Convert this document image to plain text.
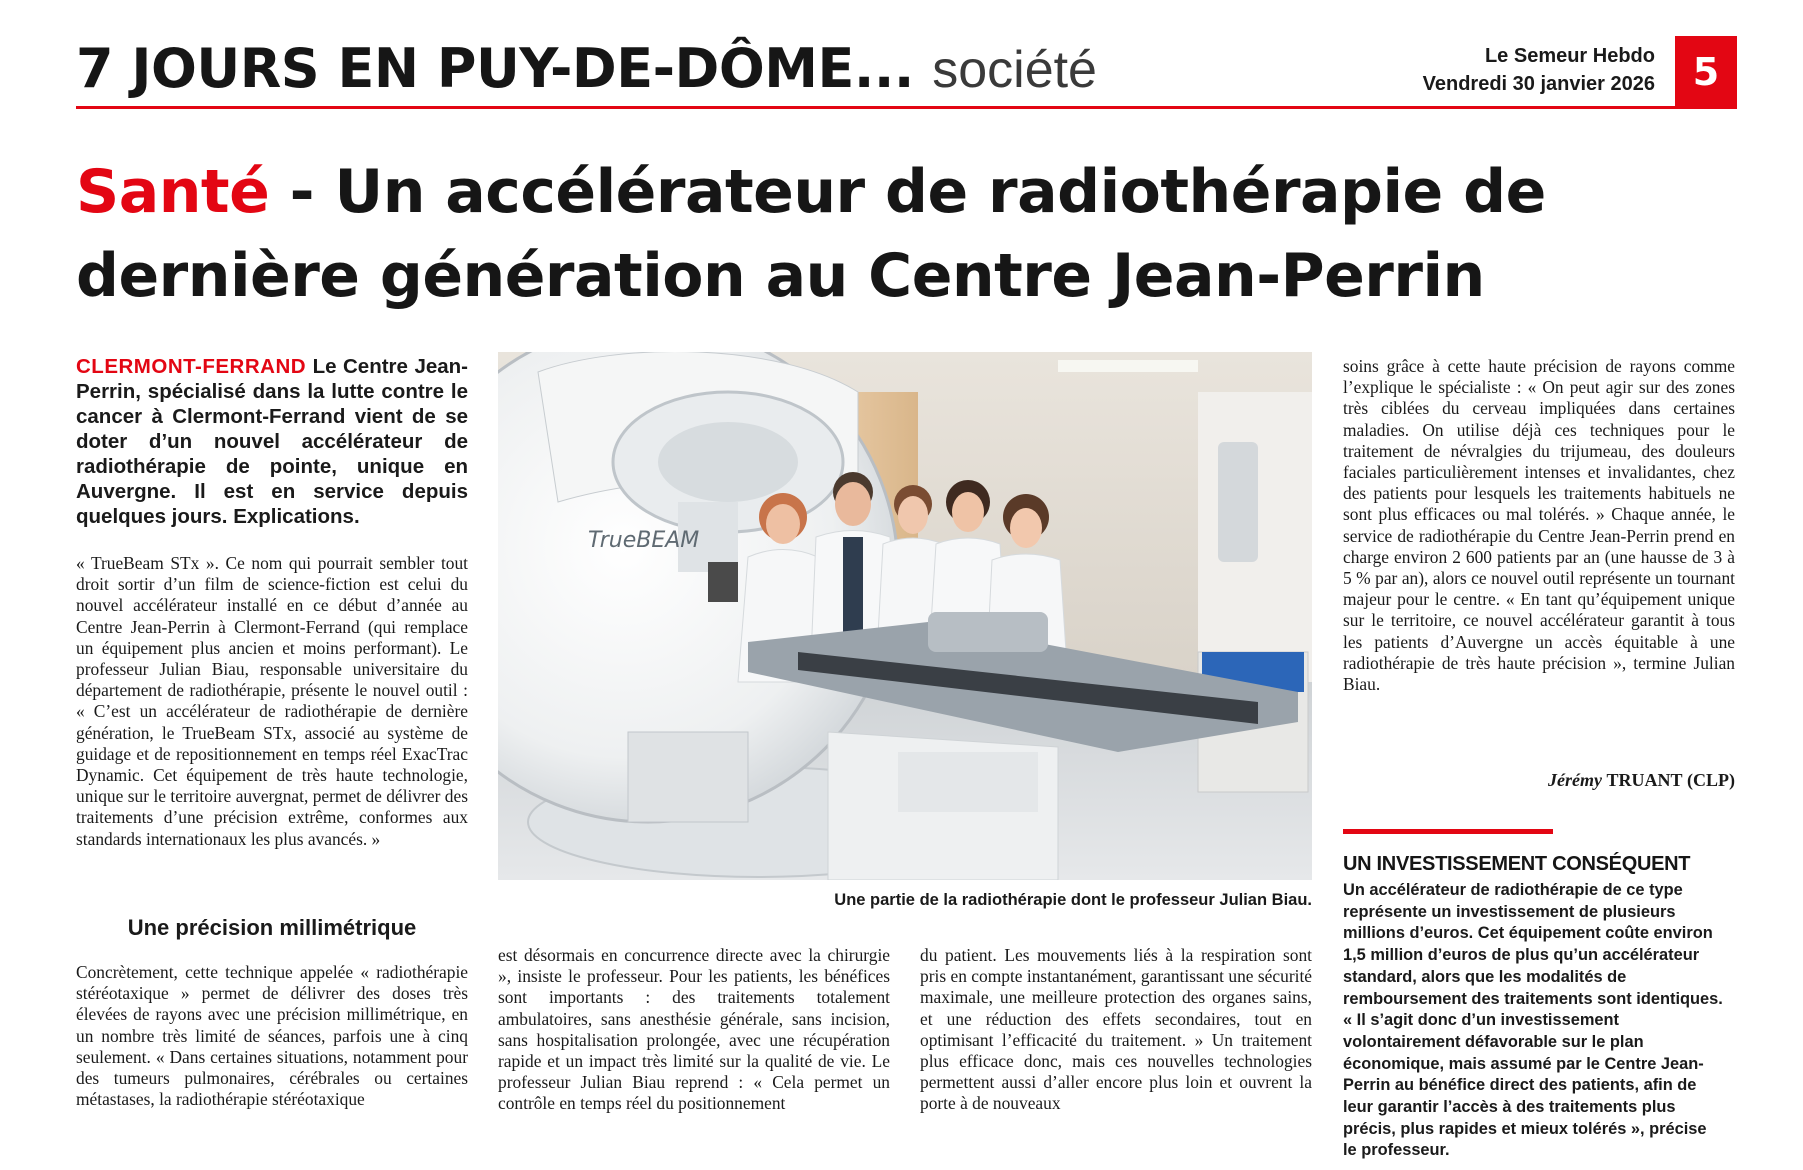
7 JOURS EN PUY-DE-DÔME... société	Le Semeur Hebdo
Vendredi 30 janvier 2026 5
Santé - Un accélérateur de radiothérapie de dernière génération au Centre Jean-Perrin
CLERMONT-FERRAND Le Centre Jean-Perrin, spécialisé dans la lutte contre le cancer à Clermont-Ferrand vient de se doter d’un nouvel accélérateur de radiothérapie de pointe, unique en Auvergne. Il est en service depuis quelques jours. Explications.
« TrueBeam STx ». Ce nom qui pourrait sembler tout droit sortir d’un film de science-fiction est celui du nouvel accélérateur installé en ce début d’année au Centre Jean-Perrin à Clermont-Ferrand (qui remplace un équipement plus ancien et moins performant). Le professeur Julian Biau, responsable universitaire du département de radiothérapie, présente le nouvel outil : « C’est un accélérateur de radiothérapie de dernière génération, le TrueBeam STx, associé au système de guidage et de repositionnement en temps réel ExacTrac Dynamic. Cet équipement de très haute technologie, unique sur le territoire auvergnat, permet de délivrer des traitements d’une précision extrême, conformes aux standards internationaux les plus avancés. »
Une précision millimétrique
Concrètement, cette technique appelée « radiothérapie stéréotaxique » permet de délivrer des doses très élevées de rayons avec une précision millimétrique, en un nombre très limité de séances, parfois une à cinq seulement. « Dans certaines situations, notamment pour des tumeurs pulmonaires, cérébrales ou certaines métastases, la radiothérapie stéréotaxique
est désormais en concurrence directe avec la chirurgie », insiste le professeur. Pour les patients, les bénéfices sont importants : des traitements totalement ambulatoires, sans anesthésie générale, sans incision, sans hospitalisation prolongée, avec une récupération rapide et un impact très limité sur la qualité de vie. Le professeur Julian Biau reprend : « Cela permet un contrôle en temps réel du positionnement
du patient. Les mouvements liés à la respiration sont pris en compte instantanément, garantissant une sécurité maximale, une meilleure protection des organes sains, et une réduction des effets secondaires, tout en optimisant l’efficacité du traitement. » Un traitement plus efficace donc, mais ces nouvelles technologies permettent aussi d’aller encore plus loin et ouvrent la porte à de nouveaux
soins grâce à cette haute précision de rayons comme l’explique le spécialiste : « On peut agir sur des zones très ciblées du cerveau impliquées dans certaines maladies. On utilise déjà ces techniques pour le traitement de névralgies du trijumeau, des douleurs faciales particulièrement intenses et invalidantes, chez des patients pour lesquels les traitements habituels ne sont plus efficaces ou mal tolérés. » Chaque année, le service de radiothérapie du Centre Jean-Perrin prend en charge environ 2 600 patients par an (une hausse de 3 à 5 % par an), alors ce nouvel outil représente un tournant majeur pour le centre. « En tant qu’équipement unique sur le territoire, ce nouvel accélérateur garantit à tous les patients d’Auvergne un accès équitable à une radiothérapie de très haute précision », termine Julian Biau.
Jérémy TRUANT (CLP)
UN INVESTISSEMENT CONSÉQUENT
Un accélérateur de radiothérapie de ce type représente un investissement de plusieurs millions d’euros. Cet équipement coûte environ 1,5 million d’euros de plus qu’un accélérateur standard, alors que les modalités de remboursement des traitements sont identiques. « Il s’agit donc d’un investissement volontairement défavorable sur le plan économique, mais assumé par le Centre Jean-Perrin au bénéfice direct des patients, afin de leur garantir l’accès à des traitements plus précis, plus rapides et mieux tolérés », précise le professeur.
TrueBEAM
Une partie de la radiothérapie dont le professeur Julian Biau.
